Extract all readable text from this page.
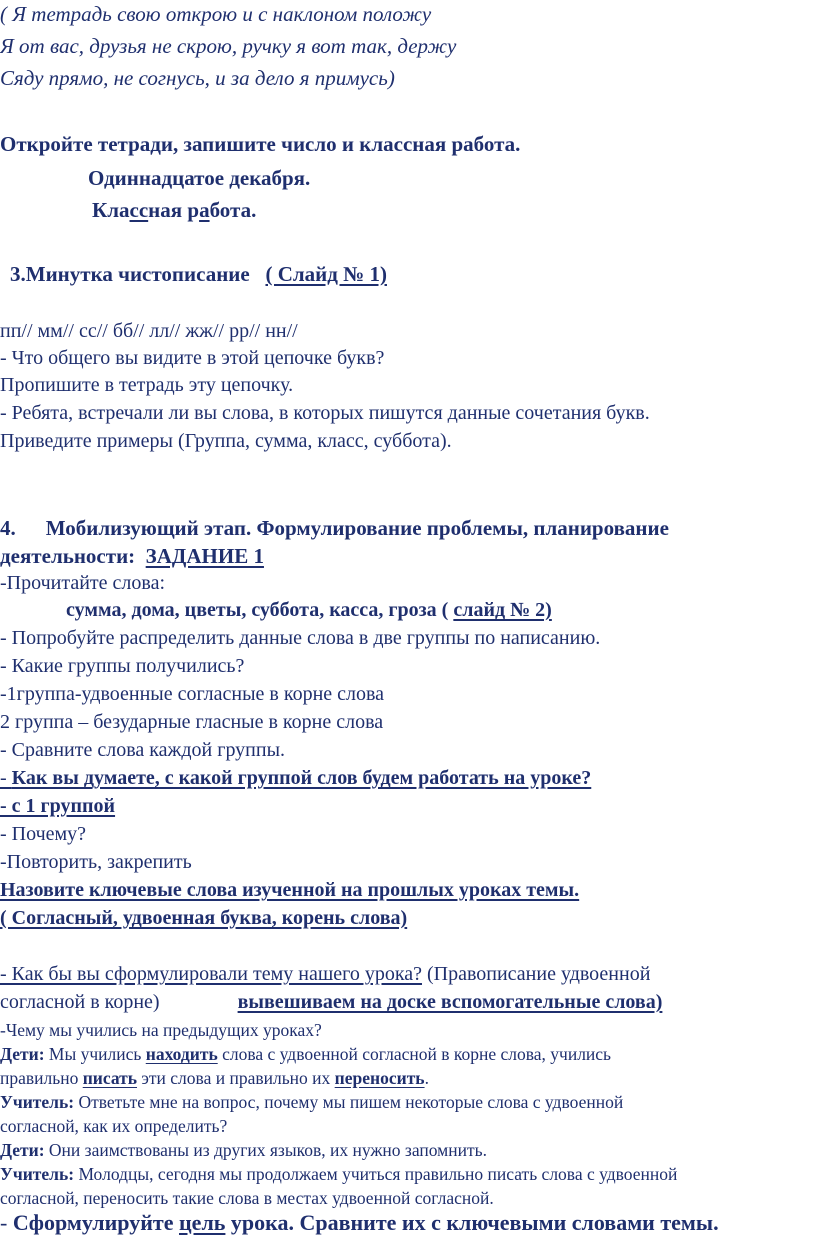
( Я тетрадь свою открою и с наклоном положу
Я от вас, друзья не скрою, ручку я вот так, держу
Сяду прямо, не согнусь, и за дело я примусь)
Откройте тетради, запишите число и классная работа.
Одиннадцатое декабря.
Классная работа.
3.Минутка чистописание ( Слайд № 1)
пп// мм// сс// бб// лл// жж// рр// нн//
- Что общего вы видите в этой цепочке букв?
Пропишите в тетрадь эту цепочку.
- Ребята, встречали ли вы слова, в которых пишутся данные сочетания букв.
Приведите примеры (Группа, сумма, класс, суббота).
4. Мобилизующий этап. Формулирование проблемы, планирование
деятельности: ЗАДАНИЕ 1
-Прочитайте слова:
сумма, дома, цветы, суббота, касса, гроза ( слайд № 2)
- Попробуйте распределить данные слова в две группы по написанию.
- Какие группы получились?
-1группа-удвоенные согласные в корне слова
2 группа – безударные гласные в корне слова
- Сравните слова каждой группы.
- Как вы думаете, с какой группой слов будем работать на уроке?
- с 1 группой
- Почему?
-Повторить, закрепить
Назовите ключевые слова изученной на прошлых уроках темы.
( Согласный, удвоенная буква, корень слова)
- Как бы вы сформулировали тему нашего урока? (Правописание удвоенной
согласной в корне)	вывешиваем на доске вспомогательные слова)
-Чему мы учились на предыдущих уроках?
Дети: Мы учились находить слова с удвоенной согласной в корне слова, учились
правильно писать эти слова и правильно их переносить.
Учитель: Ответьте мне на вопрос, почему мы пишем некоторые слова с удвоенной
согласной, как их определить?
Дети: Они заимствованы из других языков, их нужно запомнить.
Учитель: Молодцы, сегодня мы продолжаем учиться правильно писать слова с удвоенной
согласной, переносить такие слова в местах удвоенной согласной.
- Сформулируйте цель урока. Сравните их с ключевыми словами темы.
